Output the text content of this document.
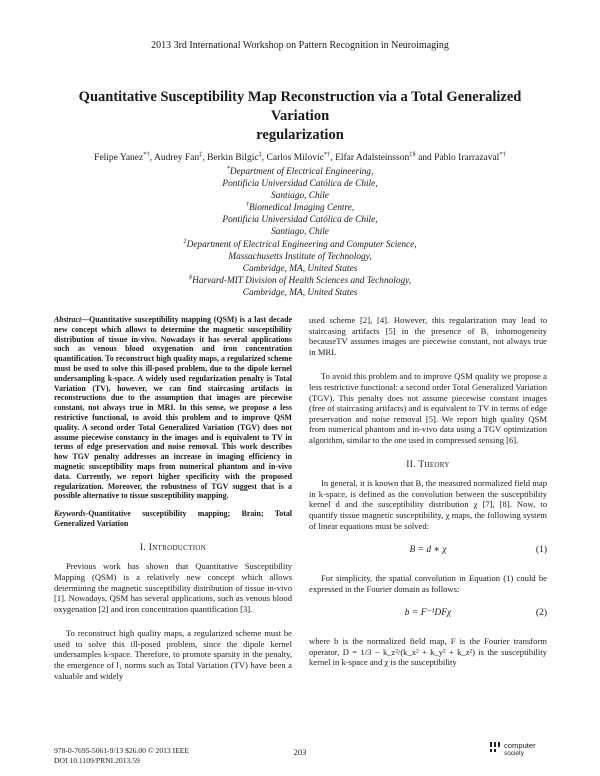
2013 3rd International Workshop on Pattern Recognition in Neuroimaging
Quantitative Susceptibility Map Reconstruction via a Total Generalized Variation
regularization
Felipe Yanez*†, Audrey Fan‡, Berkin Bilgic‡, Carlos Milovic*†, Elfar Adalsteinsson‡§ and Pablo Irarrazaval*†
*Department of Electrical Engineering,
Pontificia Universidad Católica de Chile,
Santiago, Chile
†Biomedical Imaging Centre,
Pontificia Universidad Católica de Chile,
Santiago, Chile
‡Department of Electrical Engineering and Computer Science,
Massachusetts Institute of Technology,
Cambridge, MA, United States
§Harvard-MIT Division of Health Sciences and Technology,
Cambridge, MA, United States

Abstract—Quantitative susceptibility mapping (QSM) is a last decade new concept which allows to determine the magnetic susceptibility distribution of tissue in-vivo. Nowadays it has several applications such as venous blood oxygenation and iron concentration quantification. To reconstruct high quality maps, a regularized scheme must be used to solve this ill-posed problem, due to the dipole kernel undersampling k-space. A widely used regularization penalty is Total Variation (TV), however, we can find staircasing artifacts in reconstructions due to the assumption that images are piecewise constant, not always true in MRI. In this sense, we propose a less restrictive functional, to avoid this problem and to improve QSM quality. A second order Total Generalized Variation (TGV) does not assume piecewise constancy in the images and is equivalent to TV in terms of edge preservation and noise removal. This work describes how TGV penalty addresses an increase in imaging efficiency in magnetic susceptibility maps from numerical phantom and in-vivo data. Currently, we report higher specificity with the proposed regularization. Moreover, the robustness of TGV suggest that is a possible alternative to tissue susceptibility mapping.

Keywords-Quantitative susceptibility mapping; Brain; Total Generalized Variation

I. Introduction

Previous work has shown that Quantitative Susceptibility Mapping (QSM) is a relatively new concept which allows determining the magnetic susceptibility distribution of tissue in-vivo [1]. Nowadays, QSM has several applications, such as venous blood oxygenation [2] and iron concentration quantification [3].

To reconstruct high quality maps, a regularized scheme must be used to solve this ill-posed problem, since the dipole kernel undersamples k-space. Therefore, to promote sparsity in the penalty, the emergence of l₁ norms such as Total Variation (TV) have been a valuable and widely

used scheme [2], [4]. However, this regularization may lead to staircasing artifacts [5] in the presence of B₁ inhomogeneity becauseTV assumes images are piecewise constant, not always true in MRI.

To avoid this problem and to improve QSM quality we propose a less restrictive functional: a second order Total Generalized Variation (TGV). This penalty does not assume piecewise constant images (free of staircasing artifacts) and is equivalent to TV in terms of edge preservation and noise removal [5]. We report high quality QSM from numerical phantom and in-vivo data using a TGV optimization algorithm, similar to the one used in compressed sensing [6].

II. Theory

In general, it is known that B, the measured normalized field map in k-space, is defined as the convolution between the susceptibility kernel d and the susceptibility distribution χ [7], [8]. Now, to quantify tissue magnetic susceptibility, χ maps, the following system of linear equations must be solved:

B = d ∗ χ	(1)

For simplicity, the spatial convolution in Equation (1) could be expressed in the Fourier domain as follows:

b = F⁻¹DFχ	(2)

where b is the normalized field map, F is the Fourier transform operator, D = 1/3 − k_z²/(k_x² + k_y² + k_z²) is the susceptibility kernel in k-space and χ is the susceptibility

978-0-7695-5061-9/13 $26.00 © 2013 IEEE
DOI 10.1109/PRNI.2013.59
203
computer
society
